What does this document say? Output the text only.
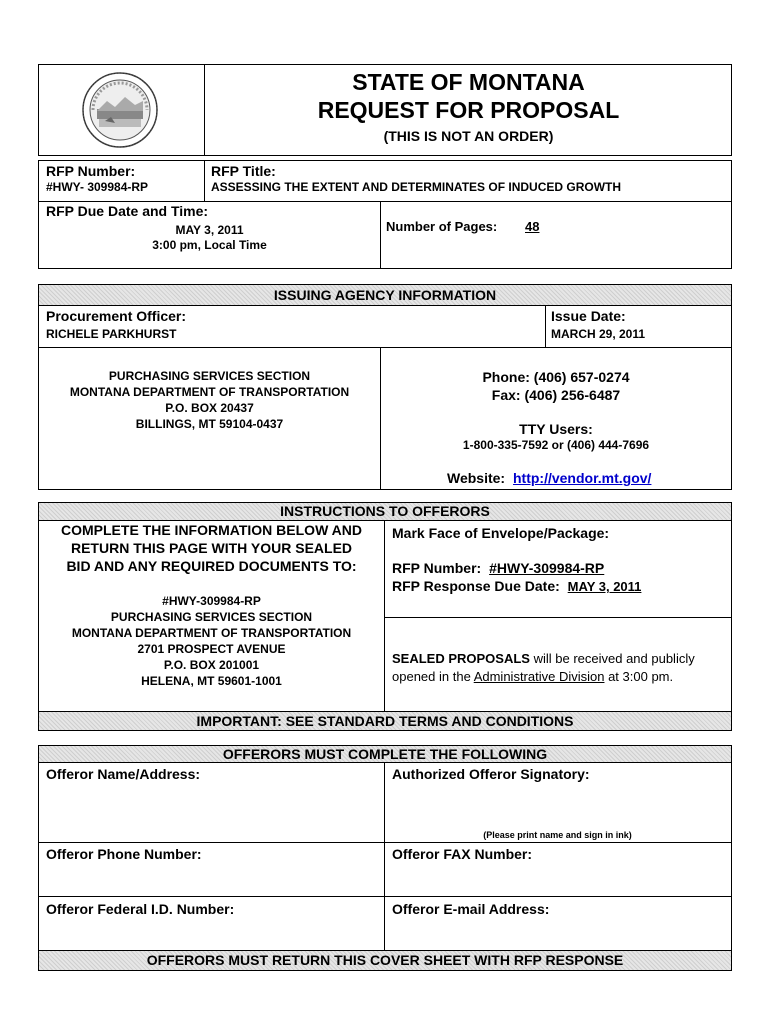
STATE OF MONTANA
REQUEST FOR PROPOSAL
(THIS IS NOT AN ORDER)
RFP Number:
#HWY- 309984-RP
RFP Title:
ASSESSING THE EXTENT AND DETERMINATES OF INDUCED GROWTH
RFP Due Date and Time:
MAY 3, 2011
3:00 pm, Local Time
Number of Pages: 48
ISSUING AGENCY INFORMATION
Procurement Officer:
RICHELE PARKHURST
Issue Date:
MARCH 29, 2011
PURCHASING SERVICES SECTION
MONTANA DEPARTMENT OF TRANSPORTATION
P.O. BOX 20437
BILLINGS, MT 59104-0437
Phone: (406) 657-0274
Fax: (406) 256-6487
TTY Users:
1-800-335-7592 or (406) 444-7696
Website: http://vendor.mt.gov/
INSTRUCTIONS TO OFFERORS
COMPLETE THE INFORMATION BELOW AND
RETURN THIS PAGE WITH YOUR SEALED
BID AND ANY REQUIRED DOCUMENTS TO:
#HWY-309984-RP
PURCHASING SERVICES SECTION
MONTANA DEPARTMENT OF TRANSPORTATION
2701 PROSPECT AVENUE
P.O. BOX 201001
HELENA, MT 59601-1001
Mark Face of Envelope/Package:
RFP Number: #HWY-309984-RP
RFP Response Due Date: MAY 3, 2011
SEALED PROPOSALS will be received and publicly
opened in the Administrative Division at 3:00 pm.
IMPORTANT: SEE STANDARD TERMS AND CONDITIONS
OFFERORS MUST COMPLETE THE FOLLOWING
Offeror Name/Address:	Authorized Offeror Signatory:
(Please print name and sign in ink)
Offeror Phone Number:	Offeror FAX Number:
Offeror Federal I.D. Number:	Offeror E-mail Address:
OFFERORS MUST RETURN THIS COVER SHEET WITH RFP RESPONSE
